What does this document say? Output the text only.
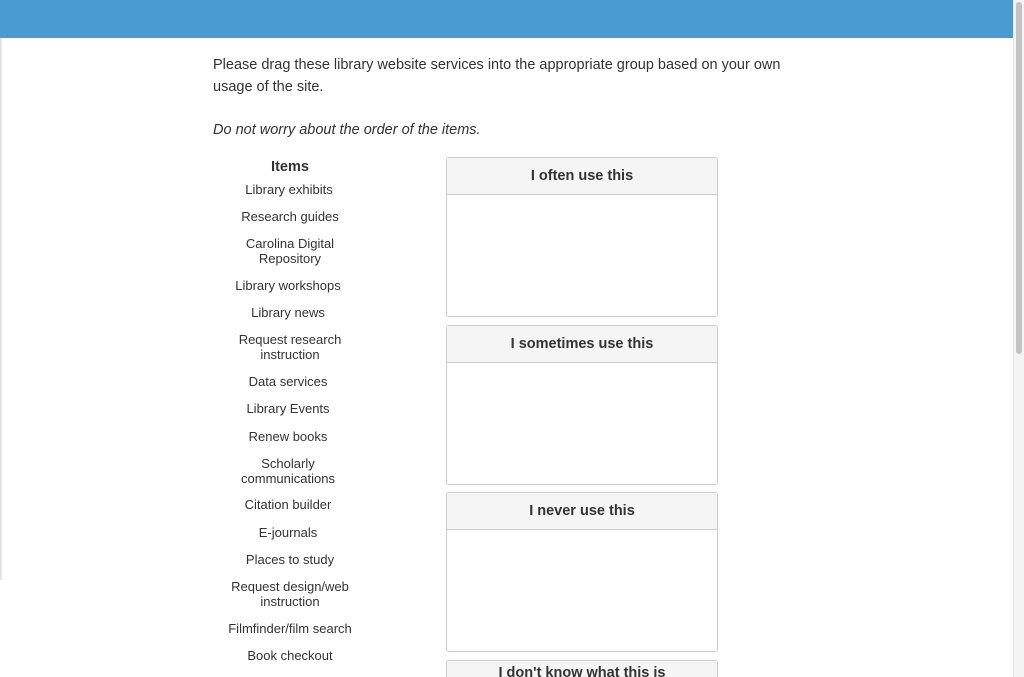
Please drag these library website services into the appropriate group based on your own usage of the site.

Do not worry about the order of the items.

Items
Library exhibits
Research guides
Carolina Digital Repository
Library workshops
Library news
Request research instruction
Data services
Library Events
Renew books
Scholarly communications
Citation builder
E-journals
Places to study
Request design/web instruction
Filmfinder/film search
Book checkout
I often use this
I sometimes use this
I never use this
I don't know what this is
